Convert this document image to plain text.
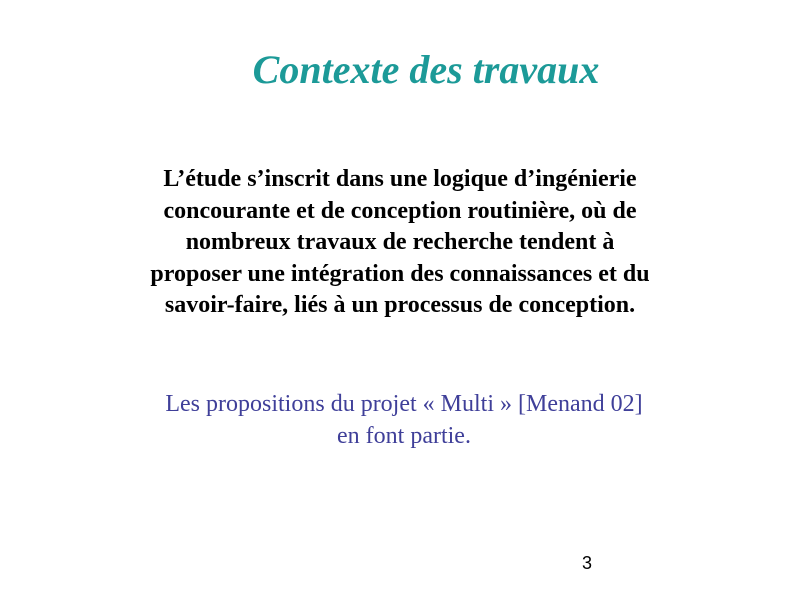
Contexte des travaux
L’étude s’inscrit dans une logique d’ingénierie
concourante et de conception routinière, où de
nombreux travaux de recherche tendent à
proposer une intégration des connaissances et du
savoir-faire, liés à un processus de conception.
Les propositions du projet « Multi » [Menand 02]
en font partie.
3
